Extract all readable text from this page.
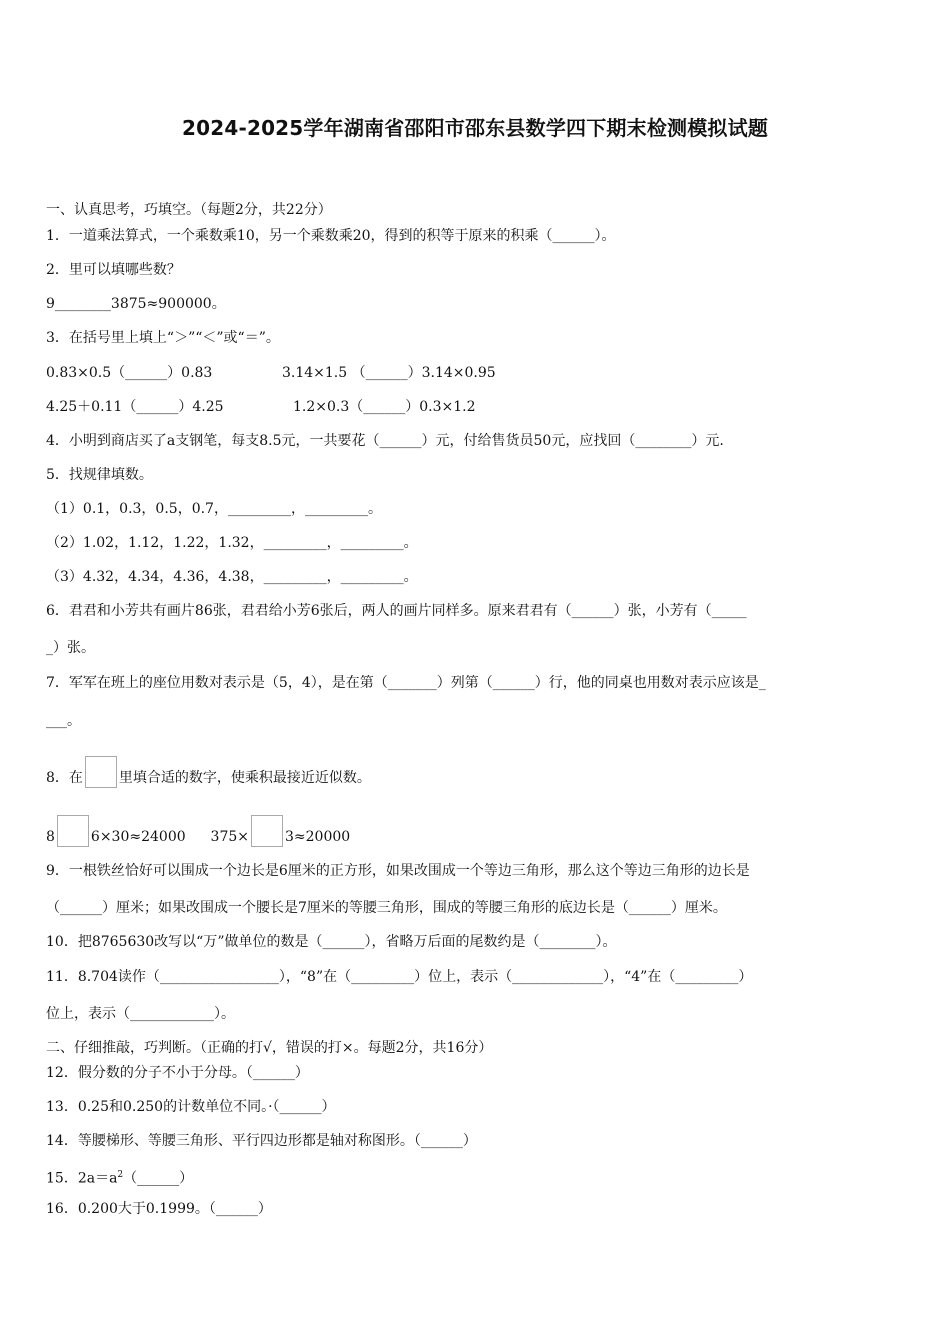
2024-2025学年湖南省邵阳市邵东县数学四下期末检测模拟试题
一、认真思考，巧填空。（每题2分，共22分）
1．一道乘法算式，一个乘数乘10，另一个乘数乘20，得到的积等于原来的积乘（______）。
2．里可以填哪些数？
9________3875≈900000。
3．在括号里上填上“＞”“＜”或“＝”。
0.83×0.5（______）0.83	3.14×1.5 （______）3.14×0.95
4.25＋0.11（______）4.25	1.2×0.3（______）0.3×1.2
4．小明到商店买了a支钢笔，每支8.5元，一共要花（______）元，付给售货员50元，应找回（________）元.
5．找规律填数。
（1）0.1，0.3，0.5，0.7，_________，_________。
（2）1.02，1.12，1.22，1.32，_________，_________。
（3）4.32，4.34，4.36，4.38，_________，_________。
6．君君和小芳共有画片86张，君君给小芳6张后，两人的画片同样多。原来君君有（______）张，小芳有（_____
_）张。
7．军军在班上的座位用数对表示是（5，4），是在第（_______）列第（______）行，他的同桌也用数对表示应该是_
___。
8．在	里填合适的数字，使乘积最接近近似数。
8	6×30≈24000 375×	3≈20000
9．一根铁丝恰好可以围成一个边长是6厘米的正方形，如果改围成一个等边三角形，那么这个等边三角形的边长是
（______）厘米；如果改围成一个腰长是7厘米的等腰三角形，围成的等腰三角形的底边长是（______）厘米。
10．把8765630改写以“万”做单位的数是（______），省略万后面的尾数约是（________）。
11．8.704读作（_________________），“8”在（_________）位上，表示（_____________），“4”在（_________）
位上，表示（____________）。
二、仔细推敲，巧判断。（正确的打√，错误的打×。每题2分，共16分）
12．假分数的分子不小于分母。（______）
13．0.25和0.250的计数单位不同。·（______）
14．等腰梯形、等腰三角形、平行四边形都是轴对称图形。（______）
15．$2a=a^2(\_\_\_\_\_\_)$
16．0.200大于0.1999。（______）
